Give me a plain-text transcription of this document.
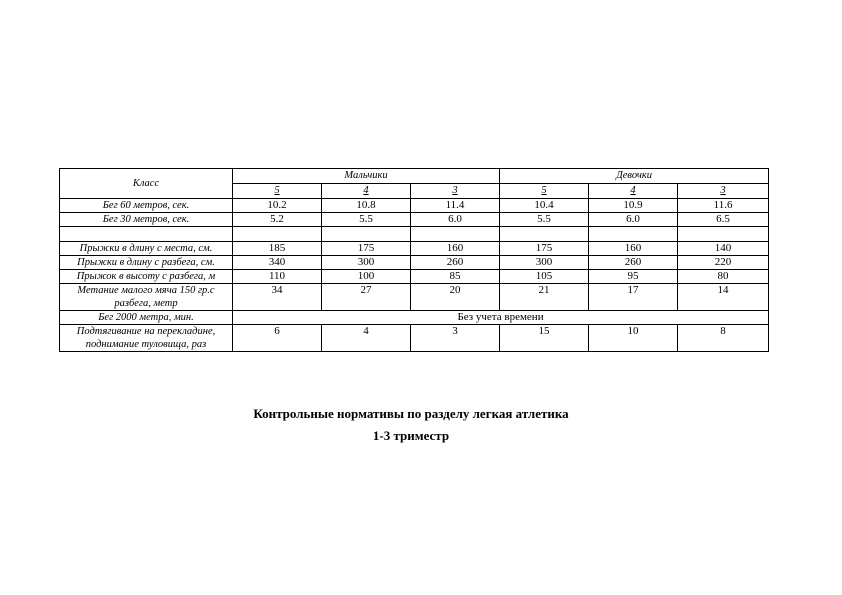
Класс	Мальчики			Девочки		
	5	4	3	5	4	3
Бег 60 метров, сек.	10.2	10.8	11.4	10.4	10.9	11.6
Бег 30 метров, сек.	5.2	5.5	6.0	5.5	6.0	6.5

Прыжки в длину с места, см.	185	175	160	175	160	140
Прыжки в длину с разбега, см.	340	300	260	300	260	220
Прыжок в высоту с разбега, м	110	100	85	105	95	80
Метание малого мяча 150 гр.с разбега, метр	34	27	20	21	17	14
Бег 2000 метра, мин.	Без учета времени					
Подтягивание на перекладине, поднимание туловища, раз	6	4	3	15	10	8
Контрольные нормативы по разделу легкая атлетика
1-3 триместр
